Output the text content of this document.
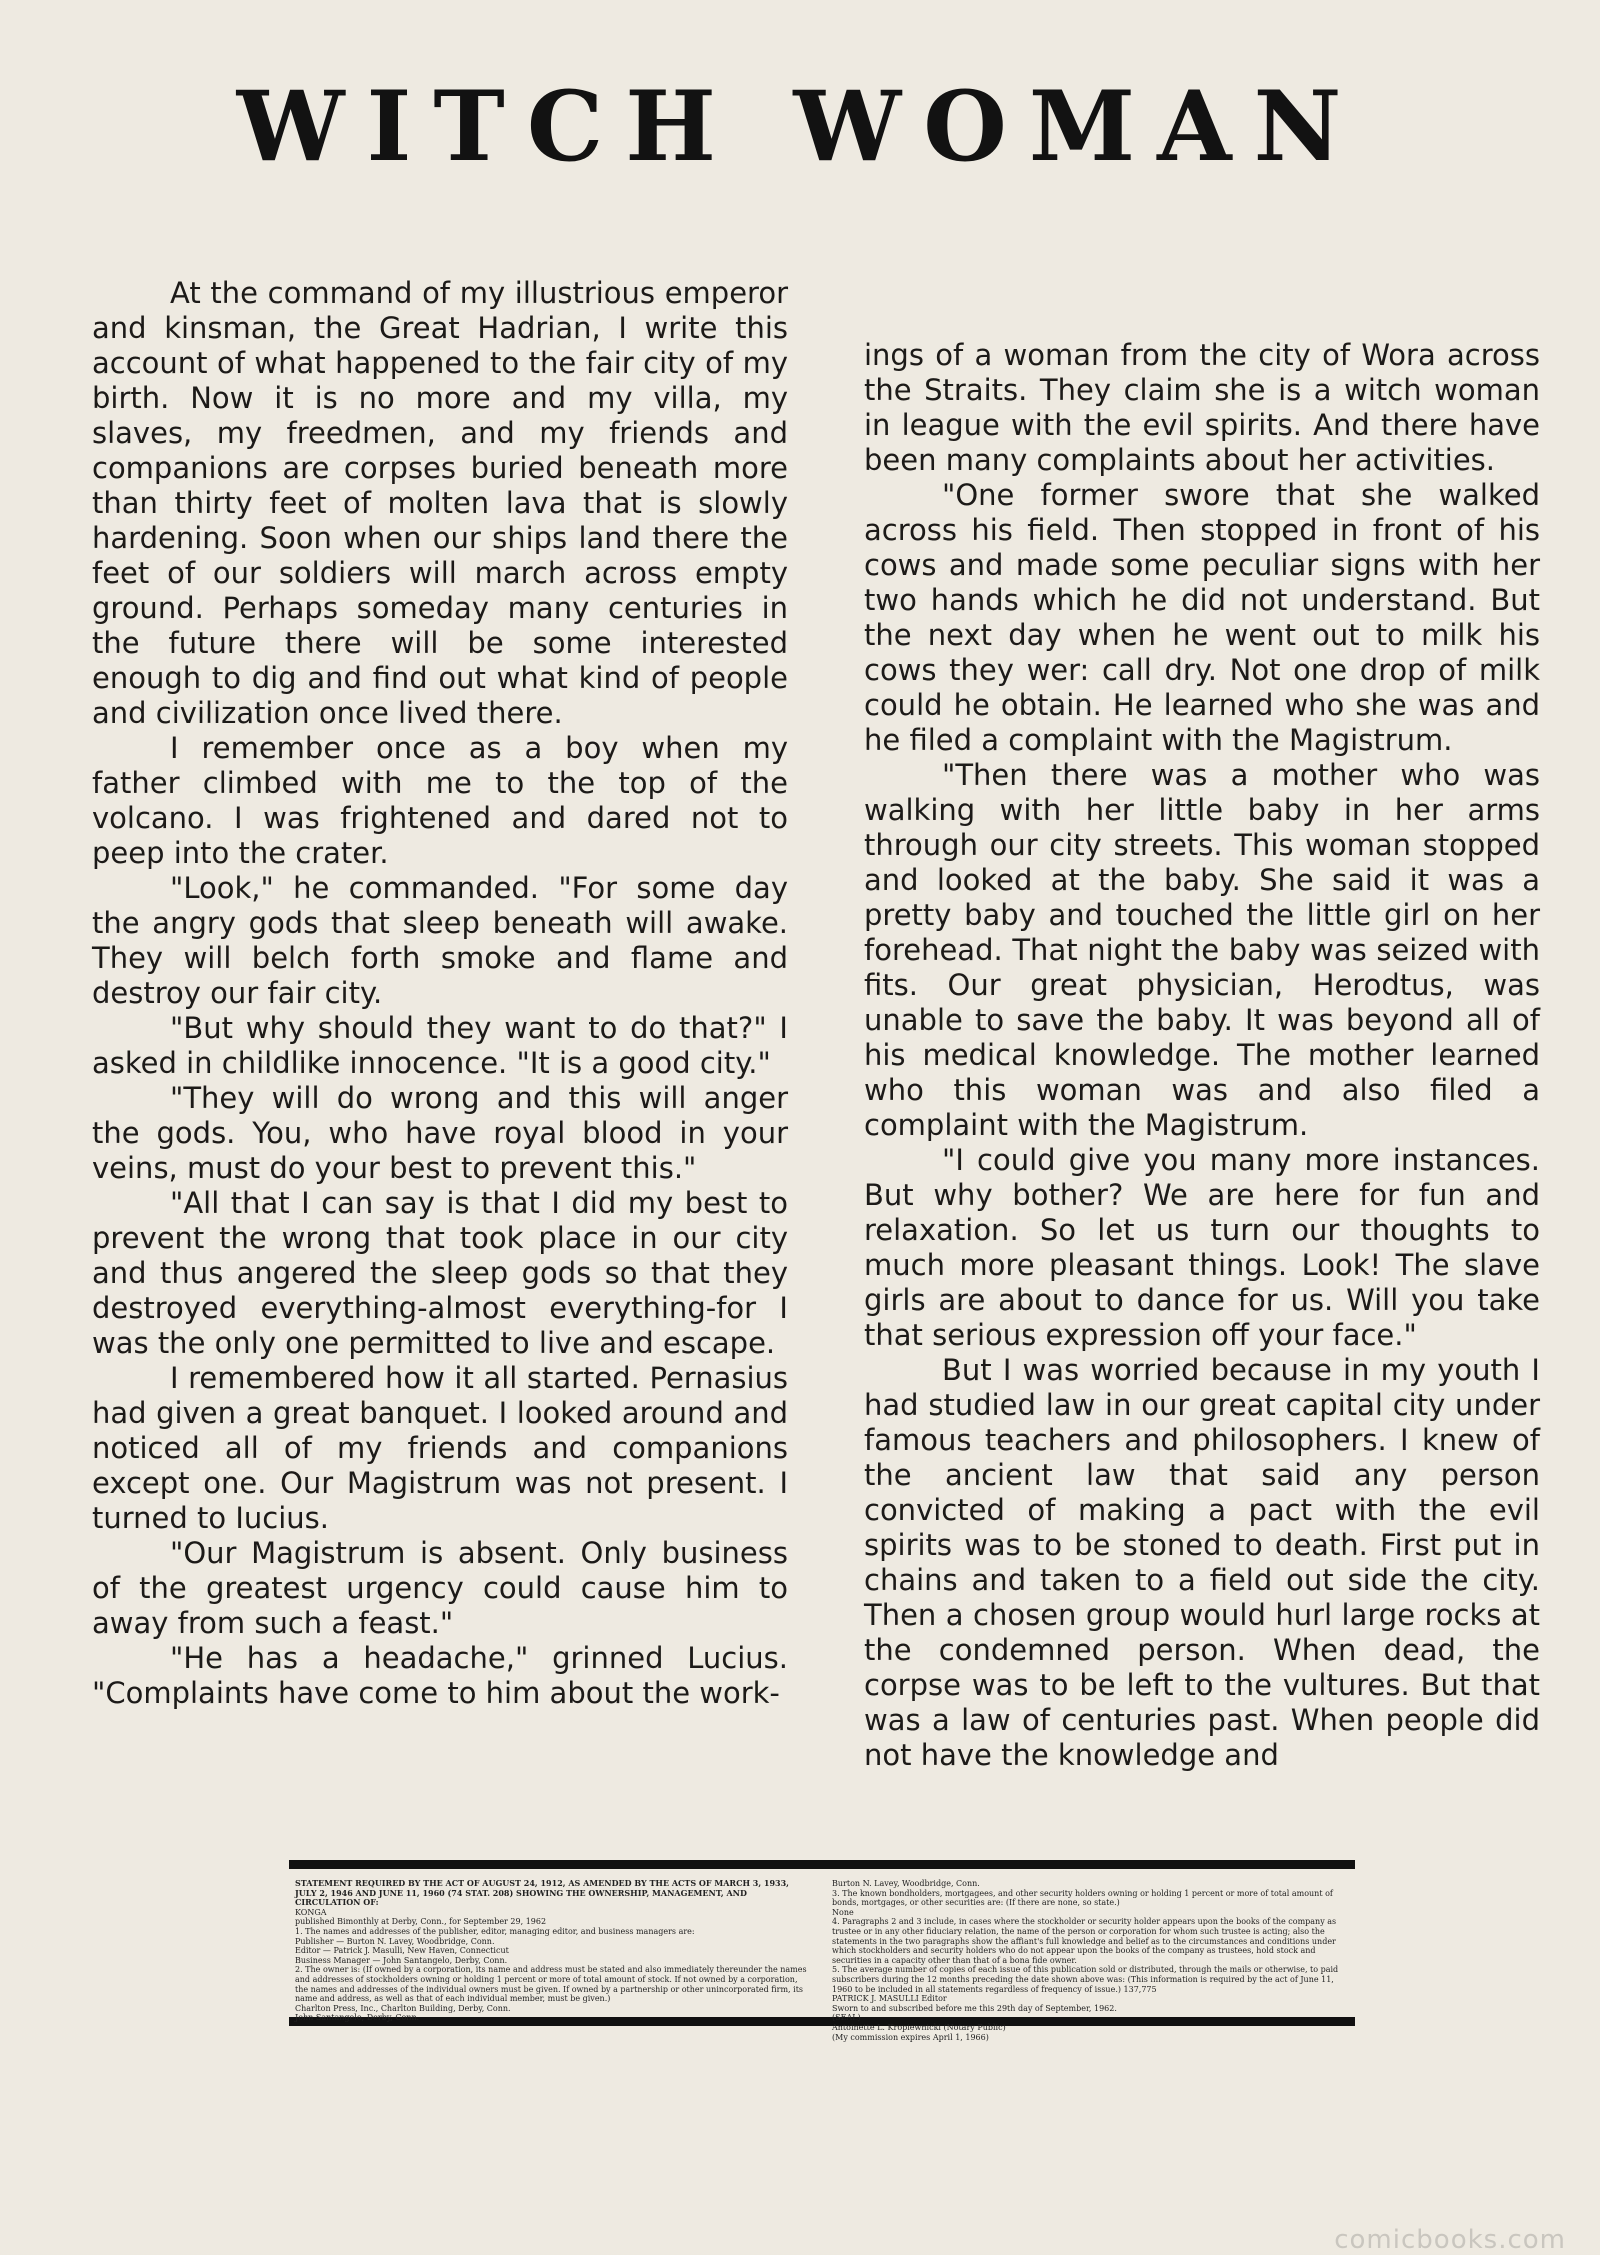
WITCH WOMAN

At the command of my illustrious emperor and kinsman, the Great Hadrian, I write this account of what happened to the fair city of my birth. Now it is no more and my villa, my slaves, my freedmen, and my friends and companions are corpses buried beneath more than thirty feet of molten lava that is slowly hardening. Soon when our ships land there the feet of our soldiers will march across empty ground. Perhaps someday many centuries in the future there will be some interested enough to dig and find out what kind of people and civilization once lived there.

I remember once as a boy when my father climbed with me to the top of the volcano. I was frightened and dared not to peep into the crater.

"Look," he commanded. "For some day the angry gods that sleep beneath will awake. They will belch forth smoke and flame and destroy our fair city.

"But why should they want to do that?" I asked in childlike innocence. "It is a good city."

"They will do wrong and this will anger the gods. You, who have royal blood in your veins, must do your best to prevent this."

"All that I can say is that I did my best to prevent the wrong that took place in our city and thus angered the sleep gods so that they destroyed everything-almost everything-for I was the only one permitted to live and escape.

I remembered how it all started. Pernasius had given a great banquet. I looked around and noticed all of my friends and companions except one. Our Magistrum was not present. I turned to Iucius.

"Our Magistrum is absent. Only business of the greatest urgency could cause him to away from such a feast."

"He has a headache," grinned Lucius. "Complaints have come to him about the work-

ings of a woman from the city of Wora across the Straits. They claim she is a witch woman in league with the evil spirits. And there have been many complaints about her activities.

"One former swore that she walked across his field. Then stopped in front of his cows and made some peculiar signs with her two hands which he did not understand. But the next day when he went out to milk his cows they wer: call dry. Not one drop of milk could he obtain. He learned who she was and he filed a complaint with the Magistrum.

"Then there was a mother who was walking with her little baby in her arms through our city streets. This woman stopped and looked at the baby. She said it was a pretty baby and touched the little girl on her forehead. That night the baby was seized with fits. Our great physician, Herodtus, was unable to save the baby. It was beyond all of his medical knowledge. The mother learned who this woman was and also filed a complaint with the Magistrum.

"I could give you many more instances. But why bother? We are here for fun and relaxation. So let us turn our thoughts to much more pleasant things. Look! The slave girls are about to dance for us. Will you take that serious expression off your face."

But I was worried because in my youth I had studied law in our great capital city under famous teachers and philosophers. I knew of the ancient law that said any person convicted of making a pact with the evil spirits was to be stoned to death. First put in chains and taken to a field out side the city. Then a chosen group would hurl large rocks at the condemned person. When dead, the corpse was to be left to the vultures. But that was a law of centuries past. When people did not have the knowledge and

STATEMENT REQUIRED BY THE ACT OF AUGUST 24, 1912, AS AMENDED BY THE ACTS OF MARCH 3, 1933, JULY 2, 1946 AND JUNE 11, 1960 (74 STAT. 208) SHOWING THE OWNERSHIP, MANAGEMENT, AND CIRCULATION OF:

KONGA

published Bimonthly at Derby, Conn., for September 29, 1962

1. The names and addresses of the publisher, editor, managing editor, and business managers are:

Publisher — Burton N. Lavey, Woodbridge, Conn.

Editor — Patrick J. Masulli, New Haven, Connecticut

Business Manager — John Santangelo, Derby, Conn.

2. The owner is: (If owned by a corporation, its name and address must be stated and also immediately thereunder the names and addresses of stockholders owning or holding 1 percent or more of total amount of stock. If not owned by a corporation, the names and addresses of the individual owners must be given. If owned by a partnership or other unincorporated firm, its name and address, as well as that of each individual member, must be given.)

Charlton Press, Inc., Charlton Building, Derby, Conn.

John Santangelo, Derby, Conn.

Burton N. Lavey, Woodbridge, Conn.

3. The known bondholders, mortgagees, and other security holders owning or holding 1 percent or more of total amount of bonds, mortgages, or other securities are: (If there are none, so state.)

None

4. Paragraphs 2 and 3 include, in cases where the stockholder or security holder appears upon the books of the company as trustee or in any other fiduciary relation, the name of the person or corporation for whom such trustee is acting; also the statements in the two paragraphs show the affiant's full knowledge and belief as to the circumstances and conditions under which stockholders and security holders who do not appear upon the books of the company as trustees, hold stock and securities in a capacity other than that of a bona fide owner.

5. The average number of copies of each issue of this publication sold or distributed, through the mails or otherwise, to paid subscribers during the 12 months preceding the date shown above was: (This information is required by the act of June 11, 1960 to be included in all statements regardless of frequency of issue.) 137,775

PATRICK J. MASULLI Editor

Sworn to and subscribed before me this 29th day of September, 1962.

(SEAL)

Antoinette L. Kropiewnicki (Notary Public)

(My commission expires April 1, 1966)

comicbooks.com
